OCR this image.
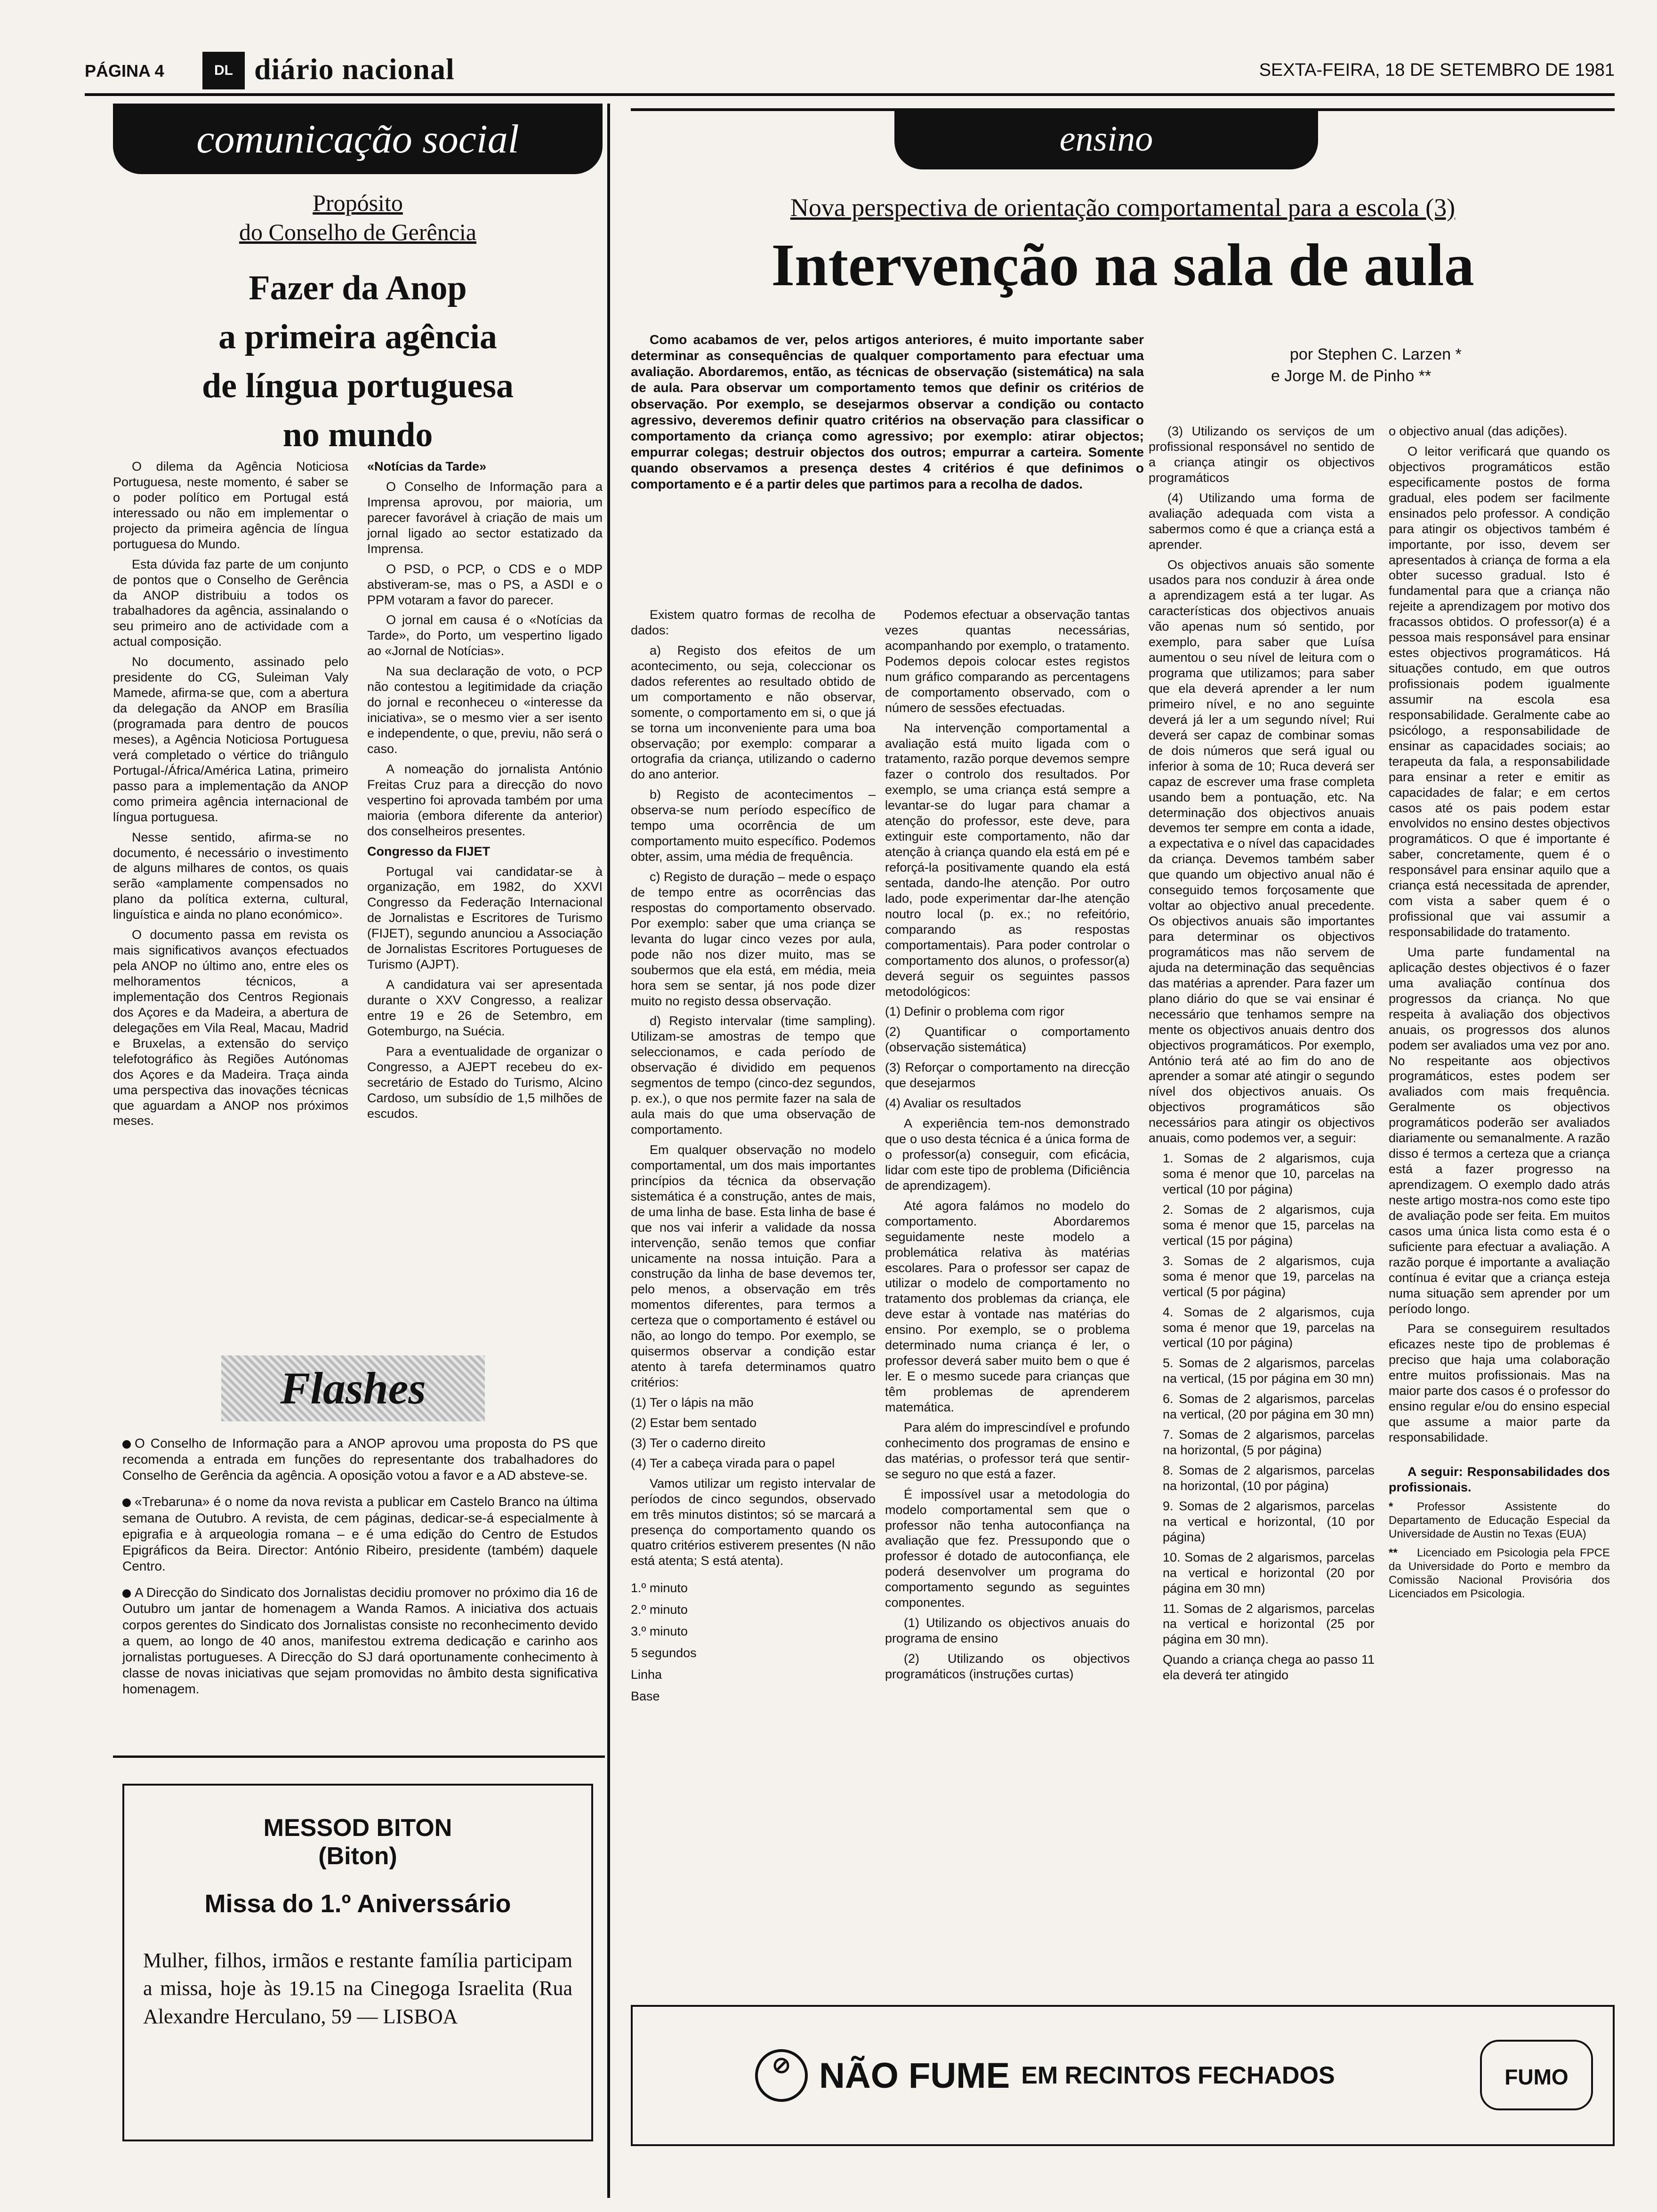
PÁGINA 4	DL diário nacional	SEXTA-FEIRA, 18 DE SETEMBRO DE 1981
comunicação social
Propósito
do Conselho de Gerência
Fazer da Anop
a primeira agência
de língua portuguesa
no mundo

O dilema da Agência Noticiosa Portuguesa, neste momento, é saber se o poder político em Portugal está interessado ou não em implementar o projecto da primeira agência de língua portuguesa do Mundo.

Esta dúvida faz parte de um conjunto de pontos que o Conselho de Gerência da ANOP distribuiu a todos os trabalhadores da agência, assinalando o seu primeiro ano de actividade com a actual composição.

No documento, assinado pelo presidente do CG, Suleiman Valy Mamede, afirma-se que, com a abertura da delegação da ANOP em Brasília (programada para dentro de poucos meses), a Agência Noticiosa Portuguesa verá completado o vértice do triângulo Portugal-/África/América Latina, primeiro passo para a implementação da ANOP como primeira agência internacional de língua portuguesa.

Nesse sentido, afirma-se no documento, é necessário o investimento de alguns milhares de contos, os quais serão «amplamente compensados no plano da política externa, cultural, linguística e ainda no plano económico».

O documento passa em revista os mais significativos avanços efectuados pela ANOP no último ano, entre eles os melhoramentos técnicos, a implementação dos Centros Regionais dos Açores e da Madeira, a abertura de delegações em Vila Real, Macau, Madrid e Bruxelas, a extensão do serviço telefotográfico às Regiões Autónomas dos Açores e da Madeira. Traça ainda uma perspectiva das inovações técnicas que aguardam a ANOP nos próximos meses.

«Notícias da Tarde»

O Conselho de Informação para a Imprensa aprovou, por maioria, um parecer favorável à criação de mais um jornal ligado ao sector estatizado da Imprensa.

O PSD, o PCP, o CDS e o MDP abstiveram-se, mas o PS, a ASDI e o PPM votaram a favor do parecer.

O jornal em causa é o «Notícias da Tarde», do Porto, um vespertino ligado ao «Jornal de Notícias».

Na sua declaração de voto, o PCP não contestou a legitimidade da criação do jornal e reconheceu o «interesse da iniciativa», se o mesmo vier a ser isento e independente, o que, previu, não será o caso.

A nomeação do jornalista António Freitas Cruz para a direcção do novo vespertino foi aprovada também por uma maioria (embora diferente da anterior) dos conselheiros presentes.

Congresso da FIJET

Portugal vai candidatar-se à organização, em 1982, do XXVI Congresso da Federação Internacional de Jornalistas e Escritores de Turismo (FIJET), segundo anunciou a Associação de Jornalistas Escritores Portugueses de Turismo (AJPT).

A candidatura vai ser apresentada durante o XXV Congresso, a realizar entre 19 e 26 de Setembro, em Gotemburgo, na Suécia.

Para a eventualidade de organizar o Congresso, a AJEPT recebeu do ex-secretário de Estado do Turismo, Alcino Cardoso, um subsídio de 1,5 milhões de escudos.

Flashes

O Conselho de Informação para a ANOP aprovou uma proposta do PS que recomenda a entrada em funções do representante dos trabalhadores do Conselho de Gerência da agência. A oposição votou a favor e a AD absteve-se.

«Trebaruna» é o nome da nova revista a publicar em Castelo Branco na última semana de Outubro. A revista, de cem páginas, dedicar-se-á especialmente à epigrafia e à arqueologia romana – e é uma edição do Centro de Estudos Epigráficos da Beira. Director: António Ribeiro, presidente (também) daquele Centro.

A Direcção do Sindicato dos Jornalistas decidiu promover no próximo dia 16 de Outubro um jantar de homenagem a Wanda Ramos. A iniciativa dos actuais corpos gerentes do Sindicato dos Jornalistas consiste no reconhecimento devido a quem, ao longo de 40 anos, manifestou extrema dedicação e carinho aos jornalistas portugueses. A Direcção do SJ dará oportunamente conhecimento à classe de novas iniciativas que sejam promovidas no âmbito desta significativa homenagem.

MESSOD BITON
(Biton)
Missa do 1.º Aniverssário
Mulher, filhos, irmãos e restante família participam a missa, hoje às 19.15 na Cinegoga Israelita (Rua Alexandre Herculano, 59 — LISBOA
ensino
Nova perspectiva de orientação comportamental para a escola (3)
Intervenção na sala de aula

Como acabamos de ver, pelos artigos anteriores, é muito importante saber determinar as consequências de qualquer comportamento para efectuar uma avaliação. Abordaremos, então, as técnicas de observação (sistemática) na sala de aula. Para observar um comportamento temos que definir os critérios de observação. Por exemplo, se desejarmos observar a condição ou contacto agressivo, deveremos definir quatro critérios na observação para classificar o comportamento da criança como agressivo; por exemplo: atirar objectos; empurrar colegas; destruir objectos dos outros; empurrar a carteira. Somente quando observamos a presença destes 4 critérios é que definimos o comportamento e é a partir deles que partimos para a recolha de dados.

por Stephen C. Larzen *
e Jorge M. de Pinho **

Existem quatro formas de recolha de dados:

a) Registo dos efeitos de um acontecimento, ou seja, coleccionar os dados referentes ao resultado obtido de um comportamento e não observar, somente, o comportamento em si, o que já se torna um inconveniente para uma boa observação; por exemplo: comparar a ortografia da criança, utilizando o caderno do ano anterior.

b) Registo de acontecimentos – observa-se num período específico de tempo uma ocorrência de um comportamento muito específico. Podemos obter, assim, uma média de frequência.

c) Registo de duração – mede o espaço de tempo entre as ocorrências das respostas do comportamento observado. Por exemplo: saber que uma criança se levanta do lugar cinco vezes por aula, pode não nos dizer muito, mas se soubermos que ela está, em média, meia hora sem se sentar, já nos pode dizer muito no registo dessa observação.

d) Registo intervalar (time sampling). Utilizam-se amostras de tempo que seleccionamos, e cada período de observação é dividido em pequenos segmentos de tempo (cinco-dez segundos, p. ex.), o que nos permite fazer na sala de aula mais do que uma observação de comportamento.

Em qualquer observação no modelo comportamental, um dos mais importantes princípios da técnica da observação sistemática é a construção, antes de mais, de uma linha de base. Esta linha de base é que nos vai inferir a validade da nossa intervenção, senão temos que confiar unicamente na nossa intuição. Para a construção da linha de base devemos ter, pelo menos, a observação em três momentos diferentes, para termos a certeza que o comportamento é estável ou não, ao longo do tempo. Por exemplo, se quisermos observar a condição estar atento à tarefa determinamos quatro critérios:

(1) Ter o lápis na mão
(2) Estar bem sentado
(3) Ter o caderno direito
(4) Ter a cabeça virada para o papel

Vamos utilizar um registo intervalar de períodos de cinco segundos, observado em três minutos distintos; só se marcará a presença do comportamento quando os quatro critérios estiverem presentes (N não está atenta; S está atenta).

1.º minuto
2.º minuto
3.º minuto
5 segundos
Linha
Base

Podemos efectuar a observação tantas vezes quantas necessárias, acompanhando por exemplo, o tratamento. Podemos depois colocar estes registos num gráfico comparando as percentagens de comportamento observado, com o número de sessões efectuadas.

Na intervenção comportamental a avaliação está muito ligada com o tratamento, razão porque devemos sempre fazer o controlo dos resultados. Por exemplo, se uma criança está sempre a levantar-se do lugar para chamar a atenção do professor, este deve, para extinguir este comportamento, não dar atenção à criança quando ela está em pé e reforçá-la positivamente quando ela está sentada, dando-lhe atenção. Por outro lado, pode experimentar dar-lhe atenção noutro local (p. ex.; no refeitório, comparando as respostas comportamentais). Para poder controlar o comportamento dos alunos, o professor(a) deverá seguir os seguintes passos metodológicos:

(1) Definir o problema com rigor
(2) Quantificar o comportamento (observação sistemática)
(3) Reforçar o comportamento na direcção que desejarmos
(4) Avaliar os resultados

A experiência tem-nos demonstrado que o uso desta técnica é a única forma de o professor(a) conseguir, com eficácia, lidar com este tipo de problema (Dificiência de aprendizagem).

Até agora falámos no modelo do comportamento. Abordaremos seguidamente neste modelo a problemática relativa às matérias escolares. Para o professor ser capaz de utilizar o modelo de comportamento no tratamento dos problemas da criança, ele deve estar à vontade nas matérias do ensino. Por exemplo, se o problema determinado numa criança é ler, o professor deverá saber muito bem o que é ler. E o mesmo sucede para crianças que têm problemas de aprenderem matemática.

Para além do imprescindível e profundo conhecimento dos programas de ensino e das matérias, o professor terá que sentir-se seguro no que está a fazer.

É impossível usar a metodologia do modelo comportamental sem que o professor não tenha autoconfiança na avaliação que fez. Pressupondo que o professor é dotado de autoconfiança, ele poderá desenvolver um programa do comportamento segundo as seguintes componentes.

(1) Utilizando os objectivos anuais do programa de ensino

(2) Utilizando os objectivos programáticos (instruções curtas)

(3) Utilizando os serviços de um profissional responsável no sentido de a criança atingir os objectivos programáticos

(4) Utilizando uma forma de avaliação adequada com vista a sabermos como é que a criança está a aprender.

Os objectivos anuais são somente usados para nos conduzir à área onde a aprendizagem está a ter lugar. As características dos objectivos anuais vão apenas num só sentido, por exemplo, para saber que Luísa aumentou o seu nível de leitura com o programa que utilizamos; para saber que ela deverá aprender a ler num primeiro nível, e no ano seguinte deverá já ler a um segundo nível; Rui deverá ser capaz de combinar somas de dois números que será igual ou inferior à soma de 10; Ruca deverá ser capaz de escrever uma frase completa usando bem a pontuação, etc. Na determinação dos objectivos anuais devemos ter sempre em conta a idade, a expectativa e o nível das capacidades da criança. Devemos também saber que quando um objectivo anual não é conseguido temos forçosamente que voltar ao objectivo anual precedente. Os objectivos anuais são importantes para determinar os objectivos programáticos mas não servem de ajuda na determinação das sequências das matérias a aprender. Para fazer um plano diário do que se vai ensinar é necessário que tenhamos sempre na mente os objectivos anuais dentro dos objectivos programáticos. Por exemplo, António terá até ao fim do ano de aprender a somar até atingir o segundo nível dos objectivos anuais. Os objectivos programáticos são necessários para atingir os objectivos anuais, como podemos ver, a seguir:

1. Somas de 2 algarismos, cuja soma é menor que 10, parcelas na vertical (10 por página)
2. Somas de 2 algarismos, cuja soma é menor que 15, parcelas na vertical (15 por página)
3. Somas de 2 algarismos, cuja soma é menor que 19, parcelas na vertical (5 por página)
4. Somas de 2 algarismos, cuja soma é menor que 19, parcelas na vertical (10 por página)
5. Somas de 2 algarismos, parcelas na vertical, (15 por página em 30 mn)
6. Somas de 2 algarismos, parcelas na vertical, (20 por página em 30 mn)
7. Somas de 2 algarismos, parcelas na horizontal, (5 por página)
8. Somas de 2 algarismos, parcelas na horizontal, (10 por página)
9. Somas de 2 algarismos, parcelas na vertical e horizontal, (10 por página)
10. Somas de 2 algarismos, parcelas na vertical e horizontal (20 por página em 30 mn)
11. Somas de 2 algarismos, parcelas na vertical e horizontal (25 por página em 30 mn).
Quando a criança chega ao passo 11 ela deverá ter atingido

o objectivo anual (das adições).

O leitor verificará que quando os objectivos programáticos estão especificamente postos de forma gradual, eles podem ser facilmente ensinados pelo professor. A condição para atingir os objectivos também é importante, por isso, devem ser apresentados à criança de forma a ela obter sucesso gradual. Isto é fundamental para que a criança não rejeite a aprendizagem por motivo dos fracassos obtidos. O professor(a) é a pessoa mais responsável para ensinar estes objectivos programáticos. Há situações contudo, em que outros profissionais podem igualmente assumir na escola esa responsabilidade. Geralmente cabe ao psicólogo, a responsabilidade de ensinar as capacidades sociais; ao terapeuta da fala, a responsabilidade para ensinar a reter e emitir as capacidades de falar; e em certos casos até os pais podem estar envolvidos no ensino destes objectivos programáticos. O que é importante é saber, concretamente, quem é o responsável para ensinar aquilo que a criança está necessitada de aprender, com vista a saber quem é o profissional que vai assumir a responsabilidade do tratamento.

Uma parte fundamental na aplicação destes objectivos é o fazer uma avaliação contínua dos progressos da criança. No que respeita à avaliação dos objectivos anuais, os progressos dos alunos podem ser avaliados uma vez por ano. No respeitante aos objectivos programáticos, estes podem ser avaliados com mais frequência. Geralmente os objectivos programáticos poderão ser avaliados diariamente ou semanalmente. A razão disso é termos a certeza que a criança está a fazer progresso na aprendizagem. O exemplo dado atrás neste artigo mostra-nos como este tipo de avaliação pode ser feita. Em muitos casos uma única lista como esta é o suficiente para efectuar a avaliação. A razão porque é importante a avaliação contínua é evitar que a criança esteja numa situação sem aprender por um período longo.

Para se conseguirem resultados eficazes neste tipo de problemas é preciso que haja uma colaboração entre muitos profissionais. Mas na maior parte dos casos é o professor do ensino regular e/ou do ensino especial que assume a maior parte da responsabilidade.

A seguir: Responsabilidades dos profissionais.

* Professor Assistente do Departamento de Educação Especial da Universidade de Austin no Texas (EUA)

** Licenciado em Psicologia pela FPCE da Universidade do Porto e membro da Comissão Nacional Provisória dos Licenciados em Psicologia.

⊘ NÃO FUME EM RECINTOS FECHADOS	FUMO
